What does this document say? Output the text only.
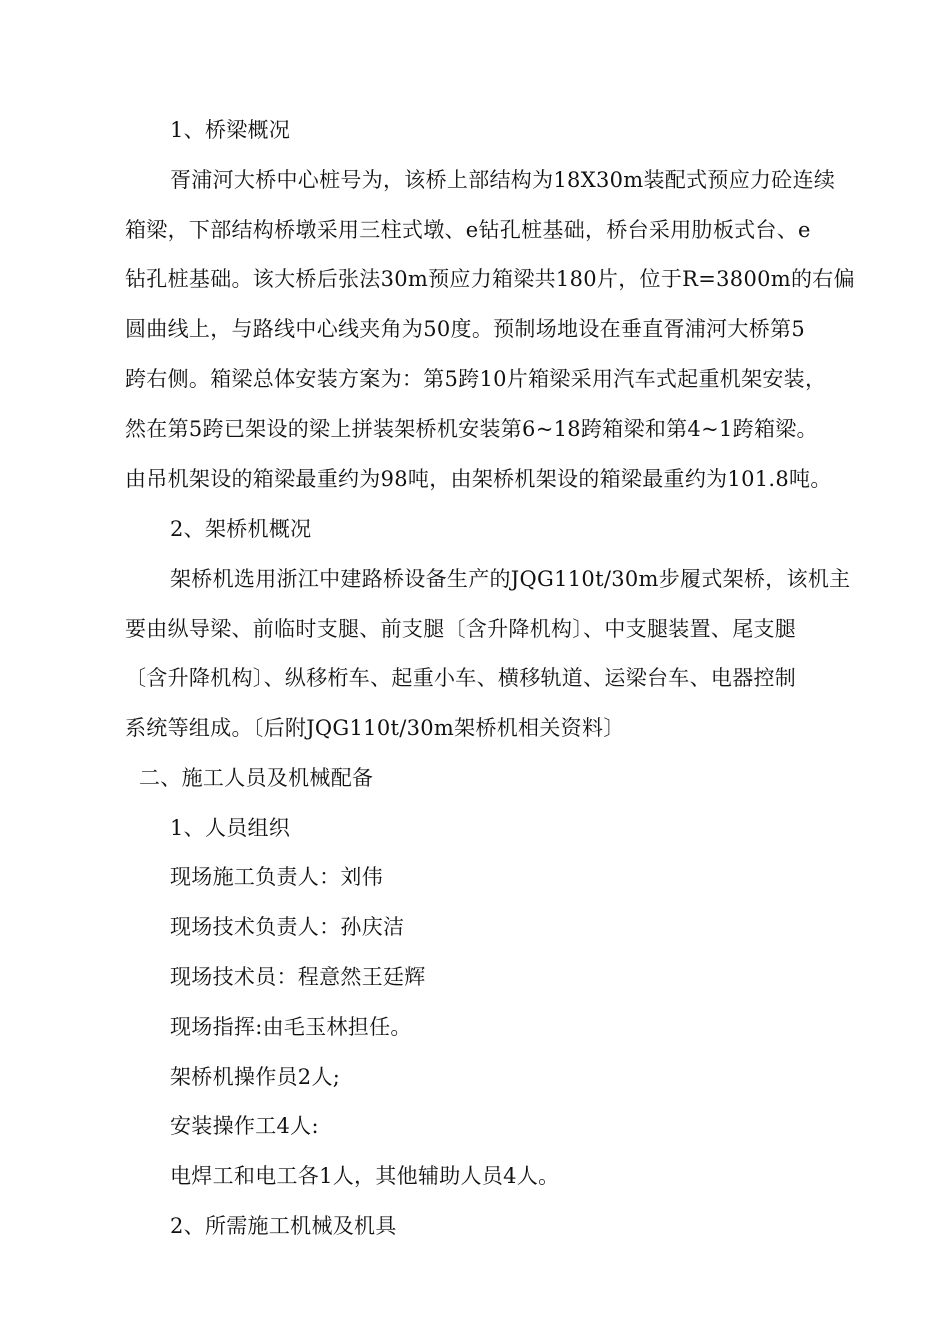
1、桥梁概况
胥浦河大桥中心桩号为，该桥上部结构为18X30m装配式预应力砼连续
箱梁，下部结构桥墩采用三柱式墩、e钻孔桩基础，桥台采用肋板式台、e
钻孔桩基础。该大桥后张法30m预应力箱梁共180片，位于R=3800m的右偏
圆曲线上，与路线中心线夹角为50度。预制场地设在垂直胥浦河大桥第5
跨右侧。箱梁总体安装方案为：第5跨10片箱梁采用汽车式起重机架安装，
然在第5跨已架设的梁上拼装架桥机安装第6~18跨箱梁和第4~1跨箱梁。
由吊机架设的箱梁最重约为98吨，由架桥机架设的箱梁最重约为101.8吨。
2、架桥机概况
架桥机选用浙江中建路桥设备生产的JQG110t/30m步履式架桥，该机主
要由纵导梁、前临时支腿、前支腿〔含升降机构〕、中支腿装置、尾支腿
〔含升降机构〕、纵移桁车、起重小车、横移轨道、运梁台车、电器控制
系统等组成。〔后附JQG110t/30m架桥机相关资料〕
二、施工人员及机械配备
1、人员组织
现场施工负责人：刘伟
现场技术负责人：孙庆洁
现场技术员：程意然王廷辉
现场指挥:由毛玉林担任。
架桥机操作员2人;
安装操作工4人:
电焊工和电工各1人，其他辅助人员4人。
2、所需施工机械及机具
